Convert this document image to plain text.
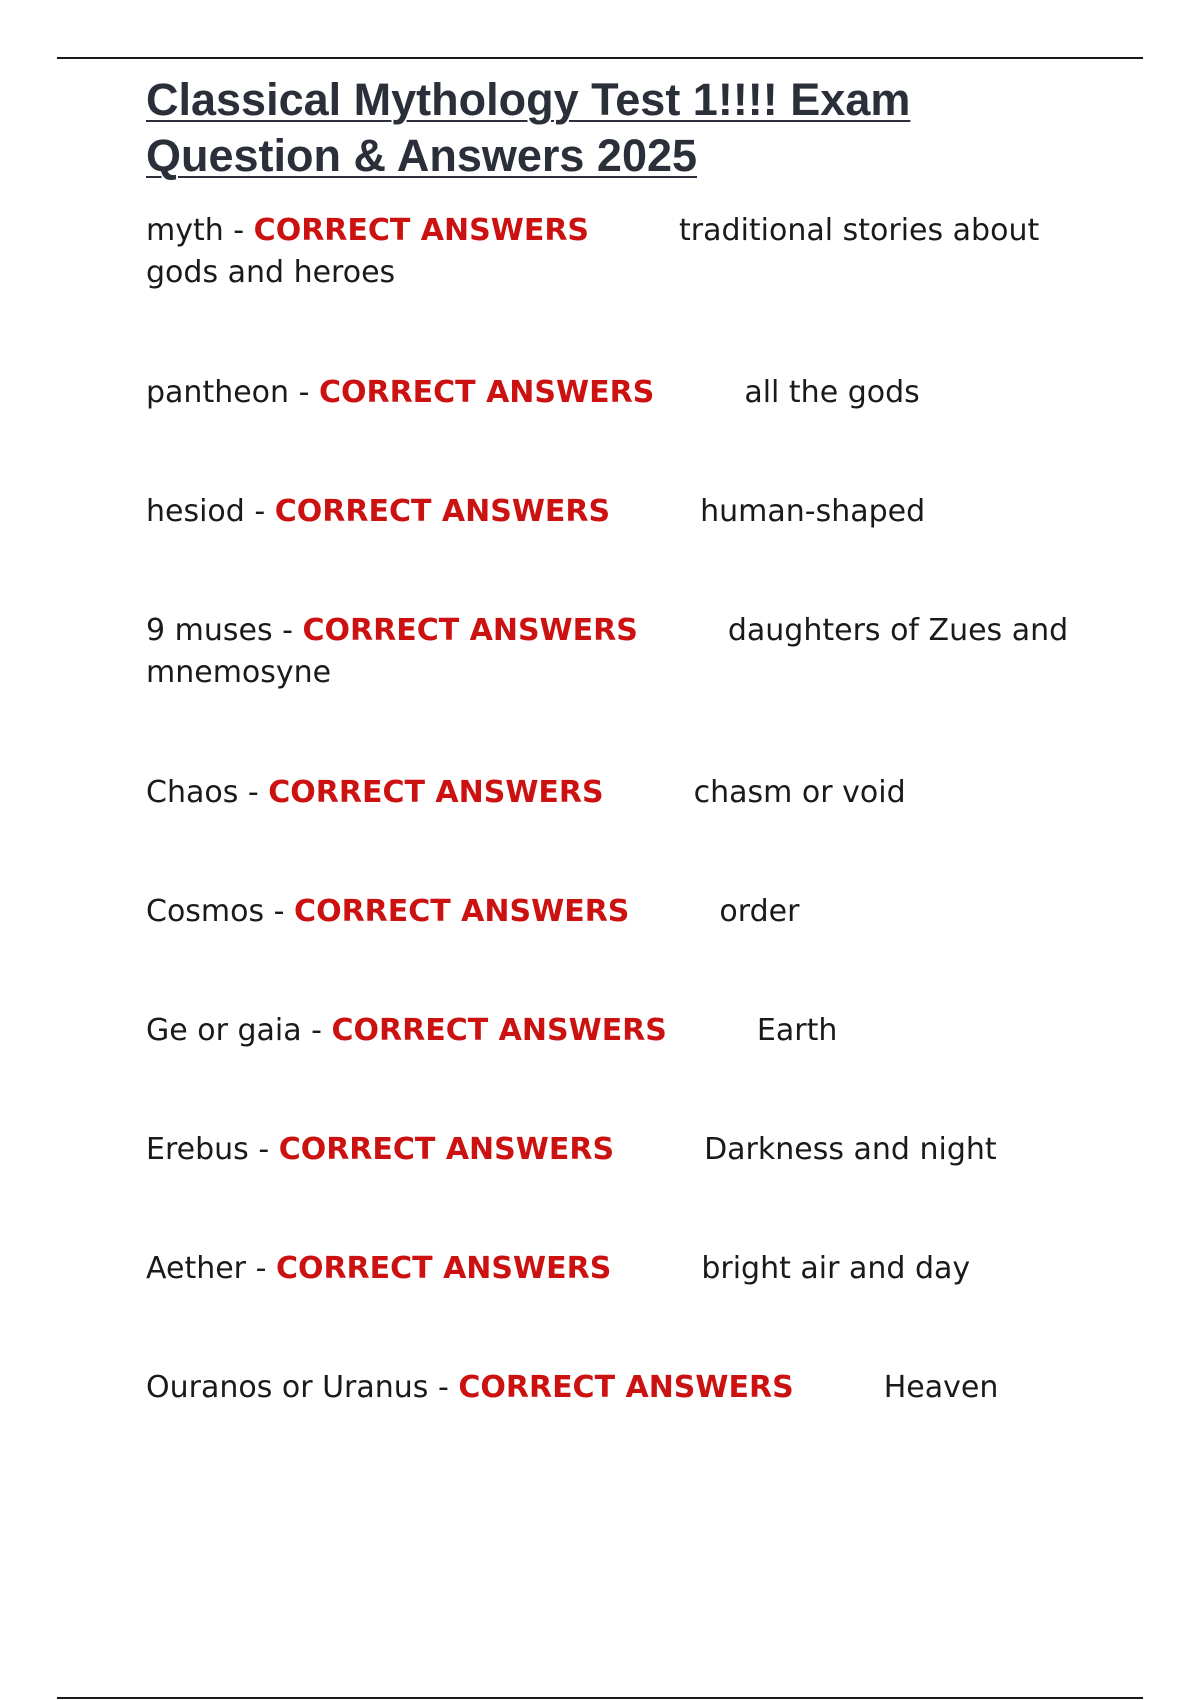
Classical Mythology Test 1!!!! Exam
Question & Answers 2025
myth - CORRECT ANSWERS	traditional stories about gods and heroes
pantheon - CORRECT ANSWERS	all the gods
hesiod - CORRECT ANSWERS	human-shaped
9 muses - CORRECT ANSWERS	daughters of Zues and mnemosyne
Chaos - CORRECT ANSWERS	chasm or void
Cosmos - CORRECT ANSWERS	order
Ge or gaia - CORRECT ANSWERS	Earth
Erebus - CORRECT ANSWERS	Darkness and night
Aether - CORRECT ANSWERS	bright air and day
Ouranos or Uranus - CORRECT ANSWERS	Heaven
